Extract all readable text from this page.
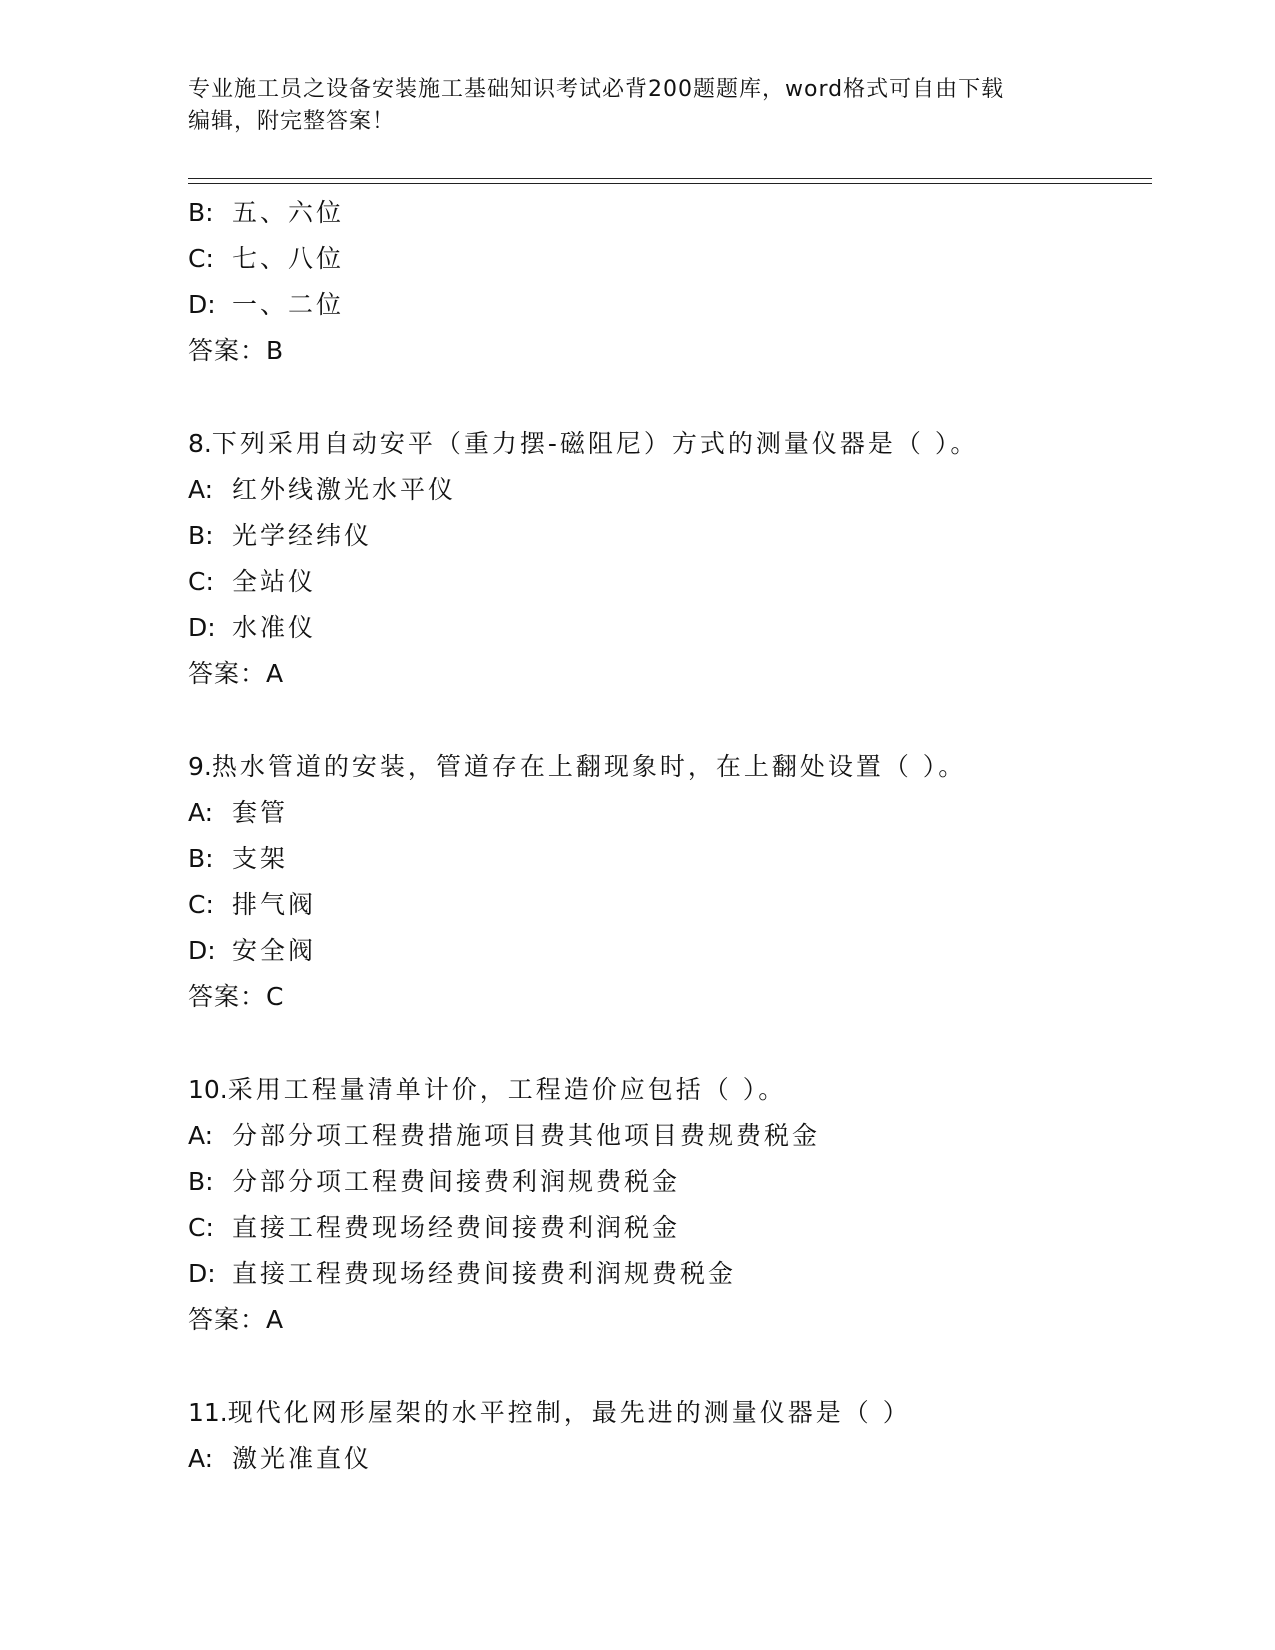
专业施工员之设备安装施工基础知识考试必背200题题库，word格式可自由下载
编辑，附完整答案！
B: 五、六位
C: 七、八位
D: 一、二位
答案：B
8.下列采用自动安平（重力摆-磁阻尼）方式的测量仪器是（ ）。
A: 红外线激光水平仪
B: 光学经纬仪
C: 全站仪
D: 水准仪
答案：A
9.热水管道的安装，管道存在上翻现象时，在上翻处设置（ ）。
A: 套管
B: 支架
C: 排气阀
D: 安全阀
答案：C
10.采用工程量清单计价，工程造价应包括（ ）。
A: 分部分项工程费措施项目费其他项目费规费税金
B: 分部分项工程费间接费利润规费税金
C: 直接工程费现场经费间接费利润税金
D: 直接工程费现场经费间接费利润规费税金
答案：A
11.现代化网形屋架的水平控制，最先进的测量仪器是（ ）
A: 激光准直仪
